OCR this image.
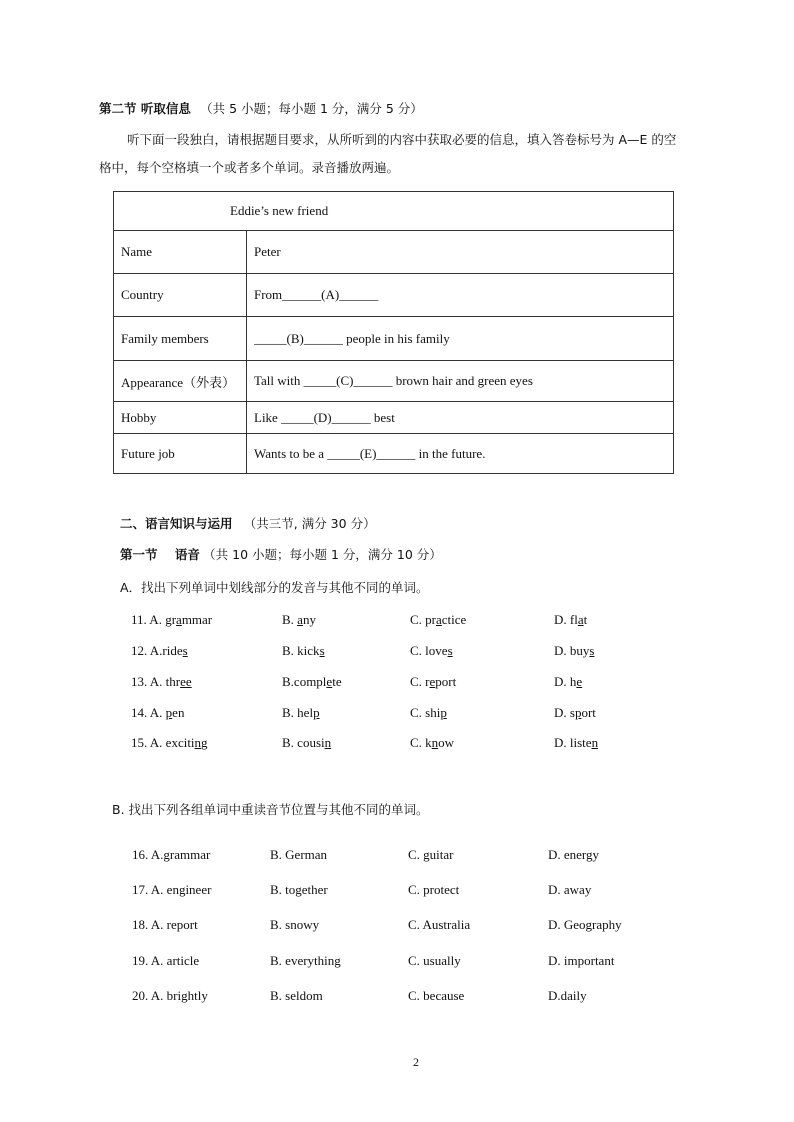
第二节 听取信息 （共 5 小题；每小题 1 分，满分 5 分）
听下面一段独白，请根据题目要求，从所听到的内容中获取必要的信息，填入答卷标号为 A—E 的空
格中，每个空格填一个或者多个单词。录音播放两遍。
Eddie’s new friend	
Name	Peter
Country	From______(A)______
Family members	_____(B)______ people in his family
Appearance（外表）	Tall with _____(C)______ brown hair and green eyes
Hobby	Like _____(D)______ best
Future job	Wants to be a _____(E)______ in the future.
二、语言知识与运用 （共三节, 满分 30 分）
第一节    语音 （共 10 小题；每小题 1 分，满分 10 分）
A．找出下列单词中划线部分的发音与其他不同的单词。
11. A. grammar	B. any	C. practice	D. flat
12. A.rides	B. kicks	C. loves	D. buys
13. A. three	B.complete	C. report	D. he
14. A. pen	B. help	C. ship	D. sport
15. A. exciting	B. cousin	C. know	D. listen
B. 找出下列各组单词中重读音节位置与其他不同的单词。
16. A.grammar	B. German	C. guitar	D. energy
17. A. engineer	B. together	C. protect	D. away
18. A. report	B. snowy	C. Australia	D. Geography
19. A. article	B. everything	C. usually	D. important
20. A. brightly	B. seldom	C. because	D.daily
2
